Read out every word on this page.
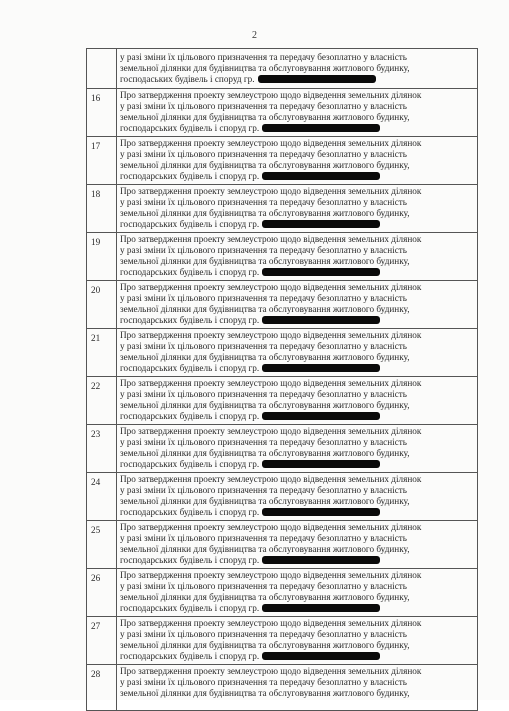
2

	у разі зміни їх цільового призначення та передачу безоплатно у власність
земельної ділянки для будівництва та обслуговування житлового будинку,
господаських будівель і споруд гр.

16	Про затвердження проекту землеустрою щодо відведення земельних ділянок
у разі зміни їх цільового призначення та передачу безоплатно у власність
земельної ділянки для будівництва та обслуговування житлового будинку,
господарських будівель і споруд гр.

17	Про затвердження проекту землеустрою щодо відведення земельних ділянок
у разі зміни їх цільового призначення та передачу безоплатно у власність
земельної ділянки для будівництва та обслуговування житлового будинку,
господарських будівель і споруд гр.

18	Про затвердження проекту землеустрою щодо відведення земельних ділянок
у разі зміни їх цільового призначення та передачу безоплатно у власність
земельної ділянки для будівництва та обслуговування житлового будинку,
господарських будівель і споруд гр.

19	Про затвердження проекту землеустрою щодо відведення земельних ділянок
у разі зміни їх цільового призначення та передачу безоплатно у власність
земельної ділянки для будівництва та обслуговування житлового будинку,
господарських будівель і споруд гр.

20	Про затвердження проекту землеустрою щодо відведення земельних ділянок
у разі зміни їх цільового призначення та передачу безоплатно у власність
земельної ділянки для будівництва та обслуговування житлового будинку,
господарських будівель і споруд гр.

21	Про затвердження проекту землеустрою щодо відведення земельних ділянок
у разі зміни їх цільового призначення та передачу безоплатно у власність
земельної ділянки для будівництва та обслуговування житлового будинку,
господарських будівель і споруд гр.

22	Про затвердження проекту землеустрою щодо відведення земельних ділянок
у разі зміни їх цільового призначення та передачу безоплатно у власність
земельної ділянки для будівництва та обслуговування житлового будинку,
господарських будівель і споруд гр.

23	Про затвердження проекту землеустрою щодо відведення земельних ділянок
у разі зміни їх цільового призначення та передачу безоплатно у власність
земельної ділянки для будівництва та обслуговування житлового будинку,
господарських будівель і споруд гр.

24	Про затвердження проекту землеустрою щодо відведення земельних ділянок
у разі зміни їх цільового призначення та передачу безоплатно у власність
земельної ділянки для будівництва та обслуговування житлового будинку,
господарських будівель і споруд гр.

25	Про затвердження проекту землеустрою щодо відведення земельних ділянок
у разі зміни їх цільового призначення та передачу безоплатно у власність
земельної ділянки для будівництва та обслуговування житлового будинку,
господарських будівель і споруд гр.

26	Про затвердження проекту землеустрою щодо відведення земельних ділянок
у разі зміни їх цільового призначення та передачу безоплатно у власність
земельної ділянки для будівництва та обслуговування житлового будинку,
господарських будівель і споруд гр.

27	Про затвердження проекту землеустрою щодо відведення земельних ділянок
у разі зміни їх цільового призначення та передачу безоплатно у власність
земельної ділянки для будівництва та обслуговування житлового будинку,
господарських будівель і споруд гр.

28	Про затвердження проекту землеустрою щодо відведення земельних ділянок
у разі зміни їх цільового призначення та передачу безоплатно у власність
земельної ділянки для будівництва та обслуговування житлового будинку,
